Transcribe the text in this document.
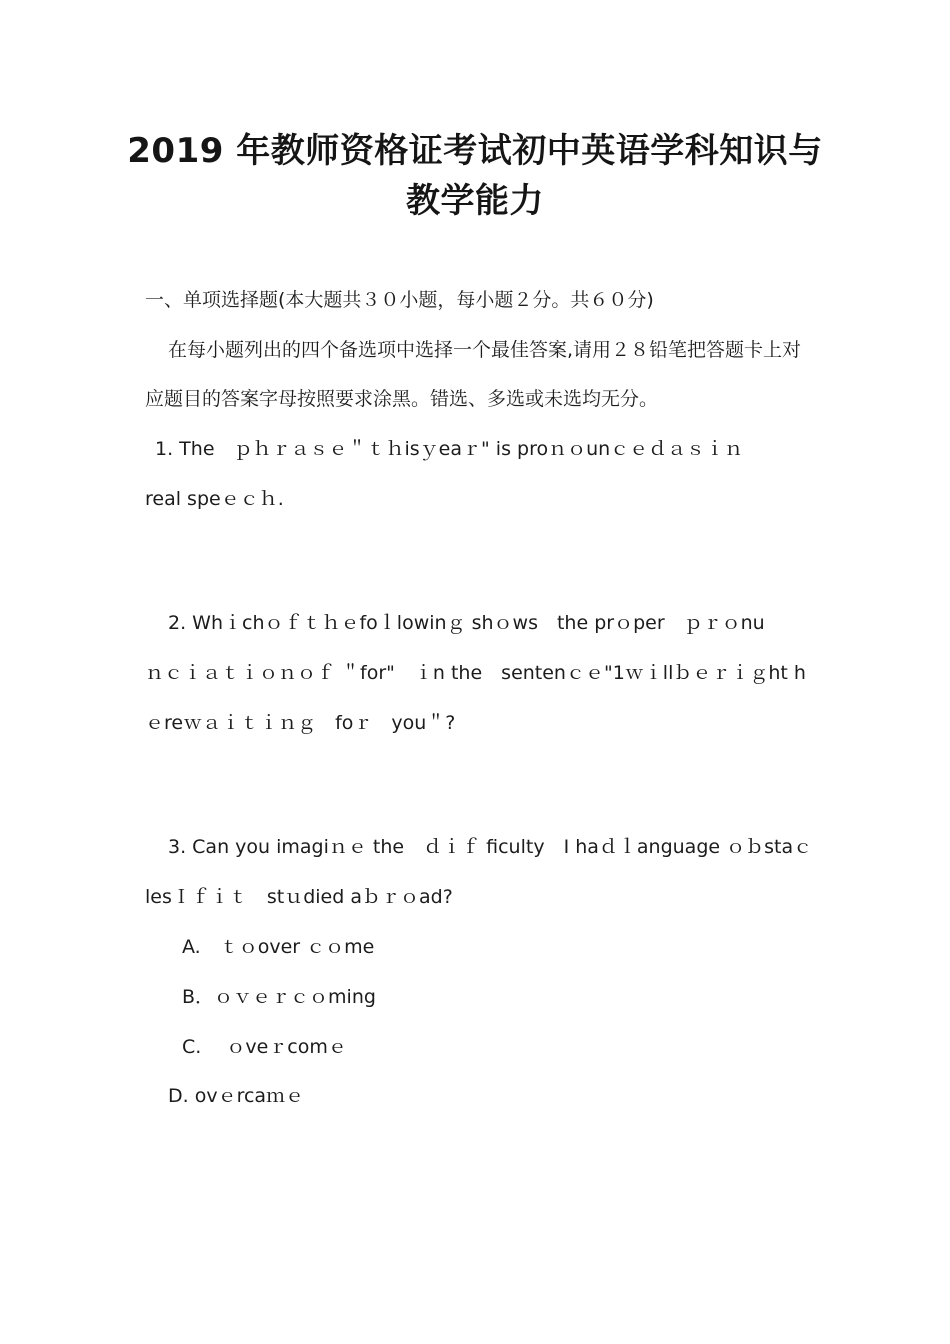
2019 年教师资格证考试初中英语学科知识与
教学能力
一、单项选择题(本大题共３０小题，每小题２分。共６０分)
在每小题列出的四个备选项中选择一个最佳答案,请用２８铅笔把答题卡上对
应题目的答案字母按照要求涂黑。错选、多选或未选均无分。
1. The　ｐｈｒａｓｅ＂ｔｈisｙeaｒ" is proｎｏunｃｅｄａｓｉｎ
real speｅｃｈ.
2. Whｉchｏｆｔｈｅfoｌlowinｇ shｏws　the prｏper　ｐｒｏnu
ｎｃｉａｔｉｏｎｏｆ ＂for"　ｉn the　sentenｃｅ"1ｗｉllｂｅｒｉｇht h
ｅreｗａｉｔｉｎｇ　foｒ　you＂?
3. Can you imagiｎｅ the　ｄｉｆ ficulty　I haｄｌanguage ｏｂstaｃ
lesＩｆｉｔ　stｕdied aｂｒｏad?
A.　ｔｏover ｃｏme
B．ｏｖｅｒｃｏming
C.　 ｏveｒcomｅ
D. ovｅrcaｍｅ
